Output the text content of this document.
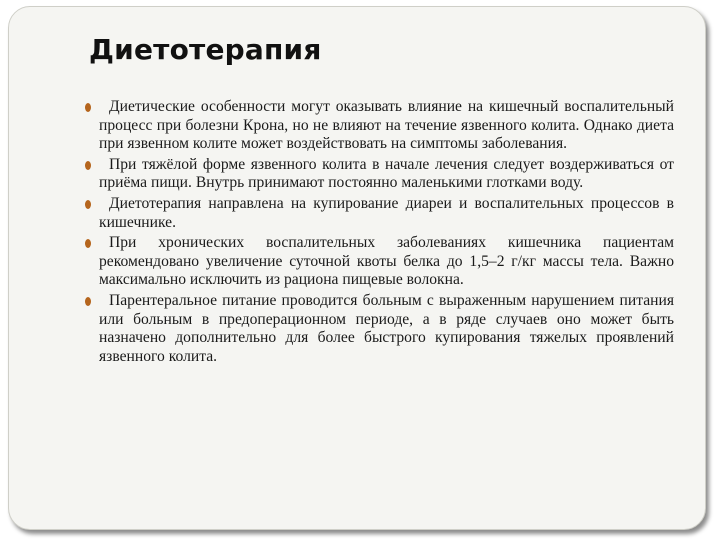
Диетотерапия
Диетические особенности могут оказывать влияние на кишечный воспалительный процесс при болезни Крона, но не влияют на течение язвенного колита. Однако диета при язвенном колите может воздействовать на симптомы заболевания.
При тяжёлой форме язвенного колита в начале лечения следует воздерживаться от приёма пищи. Внутрь принимают постоянно маленькими глотками воду.
Диетотерапия направлена на купирование диареи и воспалительных процессов в кишечнике.
При хронических воспалительных заболеваниях кишечника пациентам рекомендовано увеличение суточной квоты белка до 1,5–2 г/кг массы тела. Важно максимально исключить из рациона пищевые волокна.
Парентеральное питание проводится больным с выраженным нарушением питания или больным в предоперационном периоде, а в ряде случаев оно может быть назначено дополнительно для более быстрого купирования тяжелых проявлений язвенного колита.
